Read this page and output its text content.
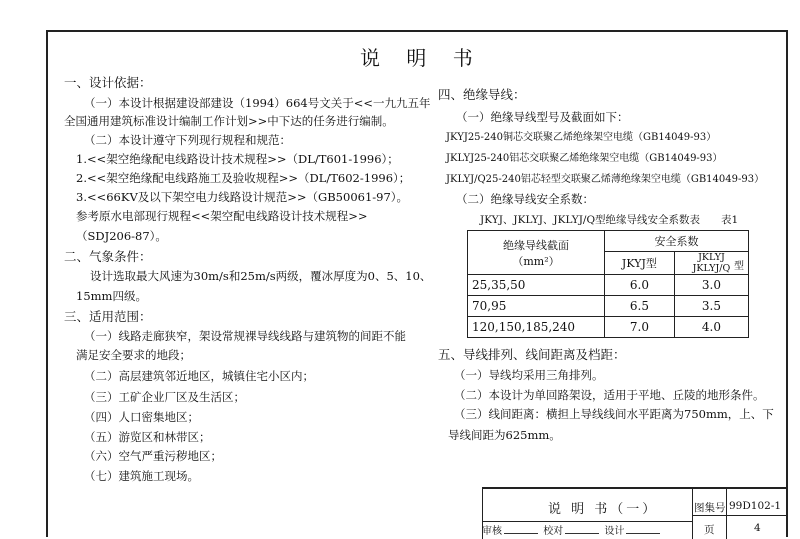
说 明 书
一、设计依据：
（一）本设计根据建设部建设（1994）664号文关于<<一九九五年
全国通用建筑标准设计编制工作计划>>中下达的任务进行编制。
（二）本设计遵守下列现行规程和规范：
1.<<架空绝缘配电线路设计技术规程>>（DL/T601-1996）；
2.<<架空绝缘配电线路施工及验收规程>>（DL/T602-1996）；
3.<<66KV及以下架空电力线路设计规范>>（GB50061-97）。
参考原水电部现行规程<<架空配电线路设计技术规程>>
（SDJ206-87）。
二、气象条件：
设计选取最大风速为30m/s和25m/s两级，覆冰厚度为0、5、10、
15mm四级。
三、适用范围：
（一）线路走廊狭窄，架设常规裸导线线路与建筑物的间距不能
满足安全要求的地段；
（二）高层建筑邻近地区，城镇住宅小区内；
（三）工矿企业厂区及生活区；
（四）人口密集地区；
（五）游览区和林带区；
（六）空气严重污秽地区；
（七）建筑施工现场。
四、绝缘导线：
（一）绝缘导线型号及截面如下：
JKYJ25-240铜芯交联聚乙烯绝缘架空电缆（GB14049-93）
JKLYJ25-240铝芯交联聚乙烯绝缘架空电缆（GB14049-93）
JKLYJ/Q25-240铝芯轻型交联聚乙烯薄绝缘架空电缆（GB14049-93）
（二）绝缘导线安全系数：
JKYJ、JKLYJ、JKLYJ/Q型绝缘导线安全系数表　　表1
绝缘导线截面
（mm²）	安全系数	
	JKYJ型	JKLYJ
JKLYJ/Q 型

25,35,50	6.0	3.0
70,95	6.5	3.5
120,150,185,240	7.0	4.0
五、导线排列、线间距离及档距：
（一）导线均采用三角排列。
（二）本设计为单回路架设，适用于平地、丘陵的地形条件。
（三）线间距离：横担上导线线间水平距离为750mm，上、下
导线间距为625mm。
说 明 书（一）	图集号 99D102-1
页	4
审核	校对	设计
